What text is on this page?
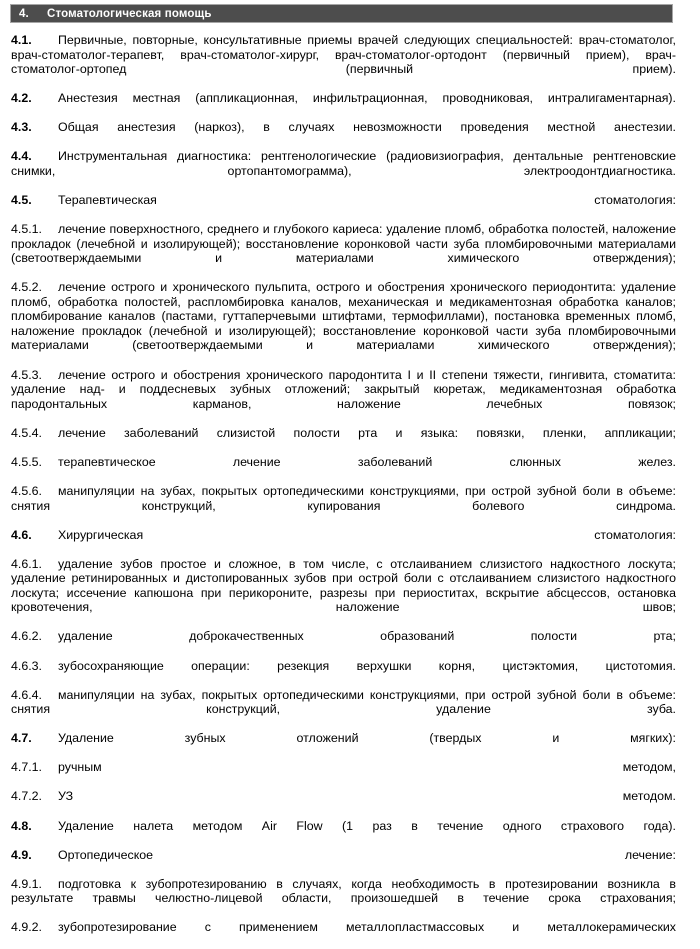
4.	Стоматологическая помощь

4.1. Первичные, повторные, консультативные приемы врачей следующих специальностей: врач-стоматолог, врач-стоматолог-терапевт, врач-стоматолог-хирург, врач-стоматолог-ортодонт (первичный прием), врач-стоматолог-ортопед (первичный прием).

4.2. Анестезия местная (аппликационная, инфильтрационная, проводниковая, интралигаментарная).

4.3. Общая анестезия (наркоз), в случаях невозможности проведения местной анестезии.

4.4. Инструментальная диагностика: рентгенологические (радиовизиография, дентальные рентгеновские снимки, ортопантомограмма), электроодонтдиагностика.

4.5. Терапевтическая стоматология:

4.5.1. лечение поверхностного, среднего и глубокого кариеса: удаление пломб, обработка полостей, наложение прокладок (лечебной и изолирующей); восстановление коронковой части зуба пломбировочными материалами (светоотверждаемыми и материалами химического отверждения);

4.5.2. лечение острого и хронического пульпита, острого и обострения хронического периодонтита: удаление пломб, обработка полостей, распломбировка каналов, механическая и медикаментозная обработка каналов; пломбирование каналов (пастами, гуттаперчевыми штифтами, термофиллами), постановка временных пломб, наложение прокладок (лечебной и изолирующей); восстановление коронковой части зуба пломбировочными материалами (светоотверждаемыми и материалами химического отверждения);

4.5.3. лечение острого и обострения хронического пародонтита I и II степени тяжести, гингивита, стоматита: удаление над- и поддесневых зубных отложений; закрытый кюретаж, медикаментозная обработка пародонтальных карманов, наложение лечебных повязок;

4.5.4. лечение заболеваний слизистой полости рта и языка: повязки, пленки, аппликации;

4.5.5. терапевтическое лечение заболеваний слюнных желез.

4.5.6. манипуляции на зубах, покрытых ортопедическими конструкциями, при острой зубной боли в объеме: снятия конструкций, купирования болевого синдрома.

4.6. Хирургическая стоматология:

4.6.1. удаление зубов простое и сложное, в том числе, с отслаиванием слизистого надкостного лоскута; удаление ретинированных и дистопированных зубов при острой боли с отслаиванием слизистого надкостного лоскута; иссечение капюшона при перикороните, разрезы при периоститах, вскрытие абсцессов, остановка кровотечения, наложение швов;

4.6.2. удаление доброкачественных образований полости рта;

4.6.3. зубосохраняющие операции: резекция верхушки корня, цистэктомия, цистотомия.

4.6.4. манипуляции на зубах, покрытых ортопедическими конструкциями, при острой зубной боли в объеме: снятия конструкций, удаление зуба.

4.7. Удаление зубных отложений (твердых и мягких):

4.7.1. ручным методом,

4.7.2. УЗ методом.

4.8. Удаление налета методом Air Flow (1 раз в течение одного страхового года).

4.9. Ортопедическое лечение:

4.9.1. подготовка к зубопротезированию в случаях, когда необходимость в протезировании возникла в результате травмы челюстно-лицевой области, произошедшей в течение срока страхования;

4.9.2. зубопротезирование с применением металлопластмассовых и металлокерамических
